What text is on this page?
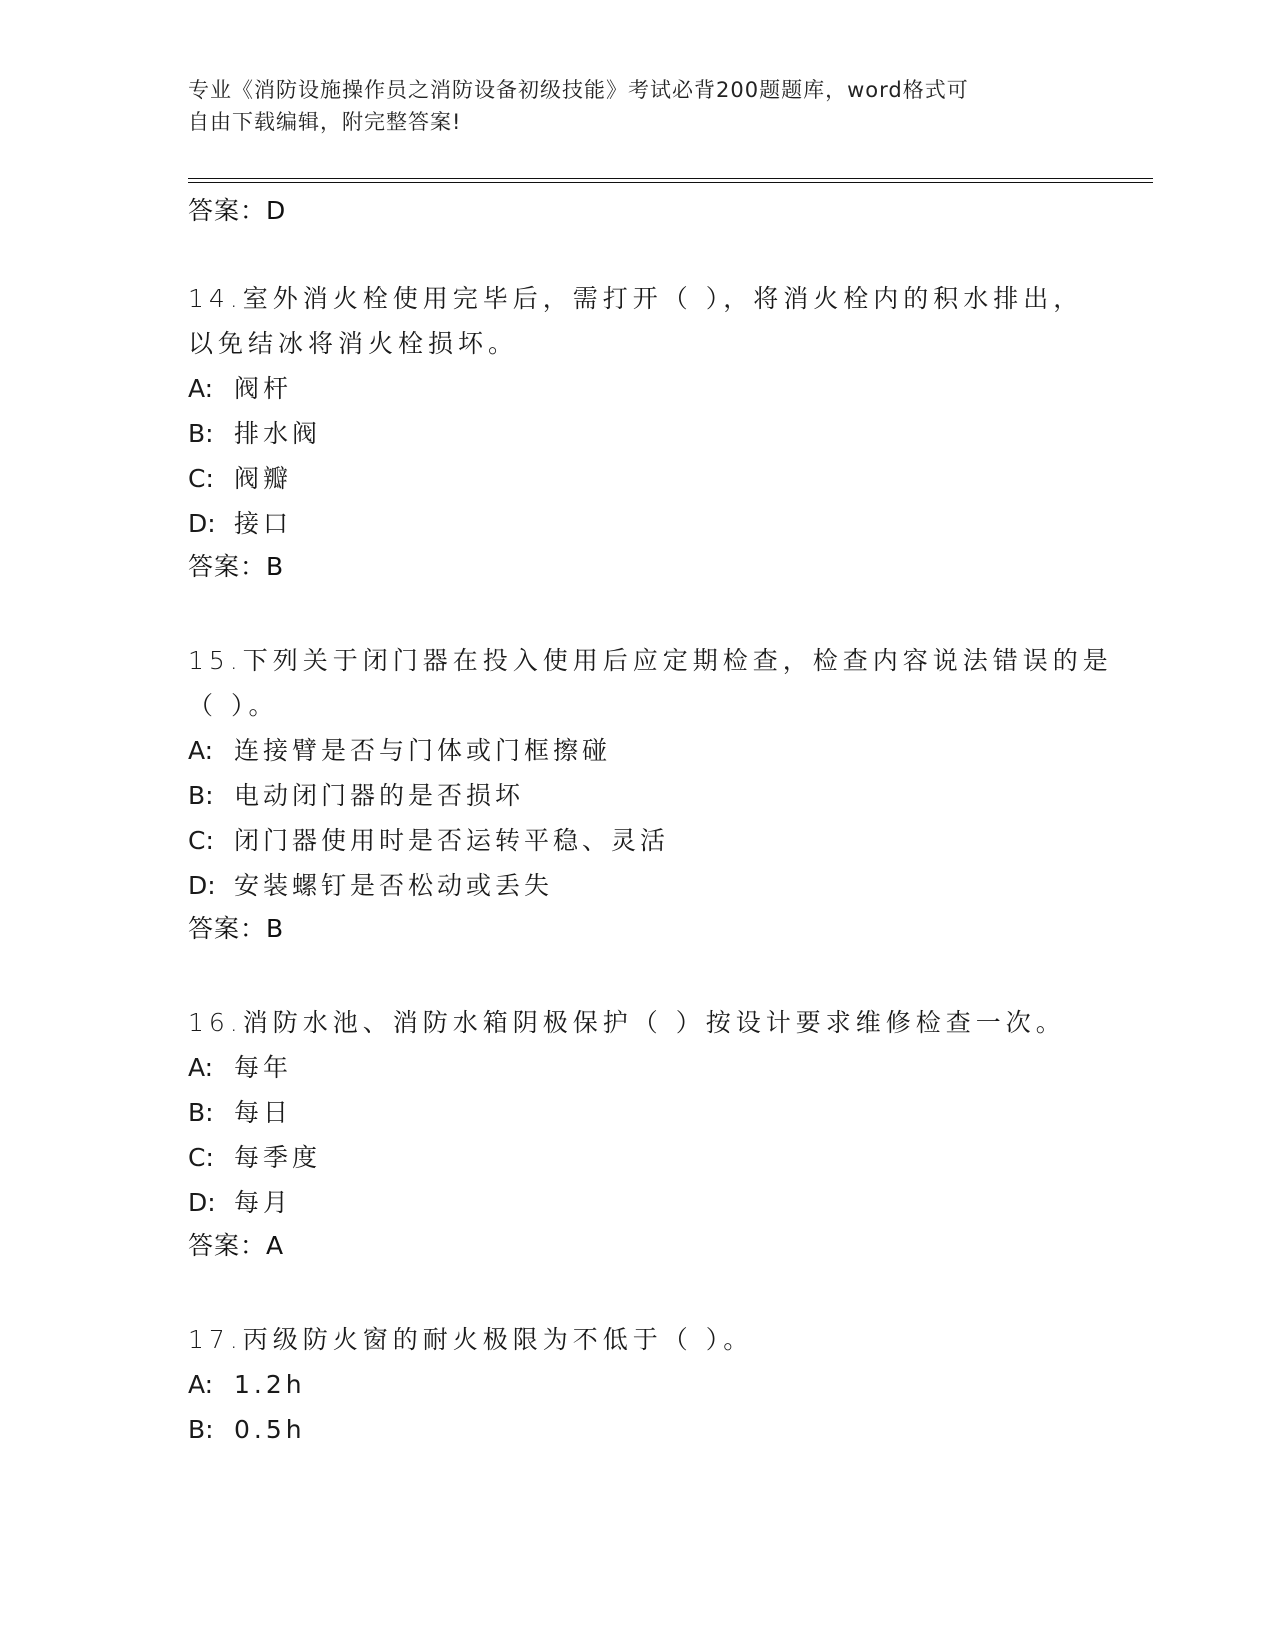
专业《消防设施操作员之消防设备初级技能》考试必背200题题库，word格式可
自由下载编辑，附完整答案!
答案：D
14.室外消火栓使用完毕后，需打开（ ），将消火栓内的积水排出，
以免结冰将消火栓损坏。
A: 阀杆
B: 排水阀
C: 阀瓣
D: 接口
答案：B
15.下列关于闭门器在投入使用后应定期检查，检查内容说法错误的是
（ ）。
A: 连接臂是否与门体或门框擦碰
B: 电动闭门器的是否损坏
C: 闭门器使用时是否运转平稳、灵活
D: 安装螺钉是否松动或丢失
答案：B
16.消防水池、消防水箱阴极保护（ ）按设计要求维修检查一次。
A: 每年
B: 每日
C: 每季度
D: 每月
答案：A
17.丙级防火窗的耐火极限为不低于（ ）。
A: 1.2h
B: 0.5h
